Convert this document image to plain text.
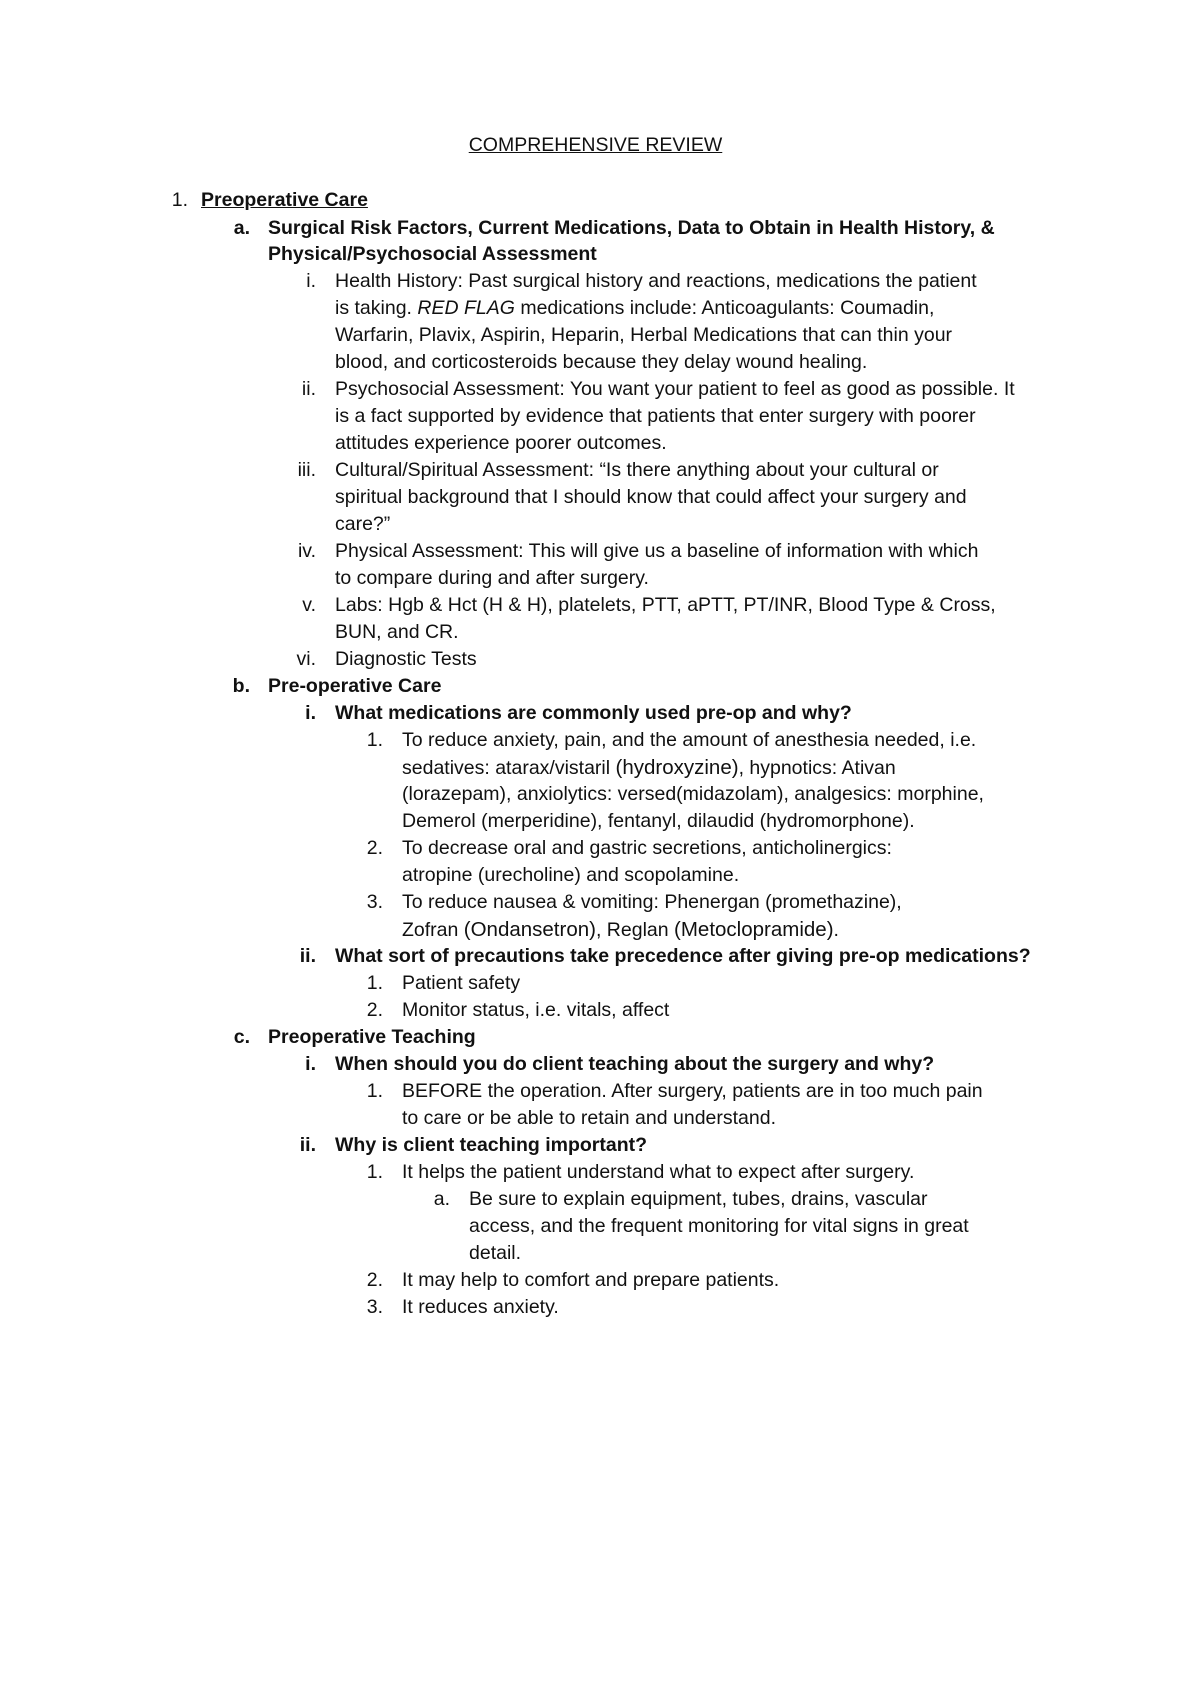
COMPREHENSIVE REVIEW
1. Preoperative Care
a. Surgical Risk Factors, Current Medications, Data to Obtain in Health History, &
Physical/Psychosocial Assessment
i. Health History: Past surgical history and reactions, medications the patient
is taking. RED FLAG medications include: Anticoagulants: Coumadin,
Warfarin, Plavix, Aspirin, Heparin, Herbal Medications that can thin your
blood, and corticosteroids because they delay wound healing.
ii. Psychosocial Assessment: You want your patient to feel as good as possible. It
is a fact supported by evidence that patients that enter surgery with poorer
attitudes experience poorer outcomes.
iii. Cultural/Spiritual Assessment: “Is there anything about your cultural or
spiritual background that I should know that could affect your surgery and
care?”
iv. Physical Assessment: This will give us a baseline of information with which
to compare during and after surgery.
v. Labs: Hgb & Hct (H & H), platelets, PTT, aPTT, PT/INR, Blood Type & Cross,
BUN, and CR.
vi. Diagnostic Tests
b. Pre-operative Care
i. What medications are commonly used pre-op and why?
1. To reduce anxiety, pain, and the amount of anesthesia needed, i.e.
sedatives: atarax/vistaril (hydroxyzine), hypnotics: Ativan
(lorazepam), anxiolytics: versed(midazolam), analgesics: morphine,
Demerol (merperidine), fentanyl, dilaudid (hydromorphone).
2. To decrease oral and gastric secretions, anticholinergics:
atropine (urecholine) and scopolamine.
3. To reduce nausea & vomiting: Phenergan (promethazine),
Zofran (Ondansetron), Reglan (Metoclopramide).
ii. What sort of precautions take precedence after giving pre-op medications?
1. Patient safety
2. Monitor status, i.e. vitals, affect
c. Preoperative Teaching
i. When should you do client teaching about the surgery and why?
1. BEFORE the operation. After surgery, patients are in too much pain
to care or be able to retain and understand.
ii. Why is client teaching important?
1. It helps the patient understand what to expect after surgery.
a. Be sure to explain equipment, tubes, drains, vascular
access, and the frequent monitoring for vital signs in great
detail.
2. It may help to comfort and prepare patients.
3. It reduces anxiety.
